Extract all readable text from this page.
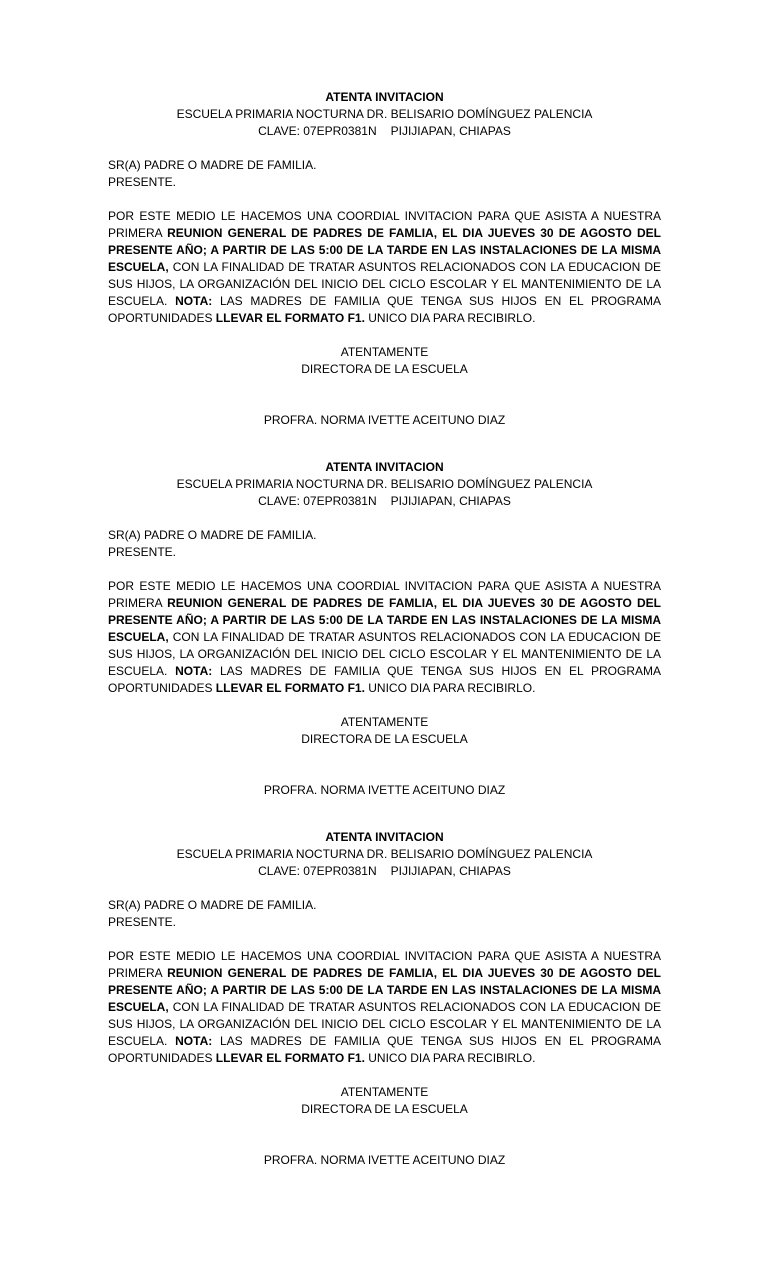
ATENTA INVITACION
ESCUELA PRIMARIA NOCTURNA DR. BELISARIO DOMÍNGUEZ PALENCIA
CLAVE: 07EPR0381N PIJIJIAPAN, CHIAPAS
SR(A) PADRE O MADRE DE FAMILIA.
PRESENTE.
POR ESTE MEDIO LE HACEMOS UNA COORDIAL INVITACION PARA QUE ASISTA A NUESTRA PRIMERA REUNION GENERAL DE PADRES DE FAMLIA, EL DIA JUEVES 30 DE AGOSTO DEL PRESENTE AÑO; A PARTIR DE LAS 5:00 DE LA TARDE EN LAS INSTALACIONES DE LA MISMA ESCUELA, CON LA FINALIDAD DE TRATAR ASUNTOS RELACIONADOS CON LA EDUCACION DE SUS HIJOS, LA ORGANIZACIÓN DEL INICIO DEL CICLO ESCOLAR Y EL MANTENIMIENTO DE LA ESCUELA. NOTA: LAS MADRES DE FAMILIA QUE TENGA SUS HIJOS EN EL PROGRAMA OPORTUNIDADES LLEVAR EL FORMATO F1. UNICO DIA PARA RECIBIRLO.
ATENTAMENTE
DIRECTORA DE LA ESCUELA
PROFRA. NORMA IVETTE ACEITUNO DIAZ
ATENTA INVITACION
ESCUELA PRIMARIA NOCTURNA DR. BELISARIO DOMÍNGUEZ PALENCIA
CLAVE: 07EPR0381N PIJIJIAPAN, CHIAPAS
SR(A) PADRE O MADRE DE FAMILIA.
PRESENTE.
POR ESTE MEDIO LE HACEMOS UNA COORDIAL INVITACION PARA QUE ASISTA A NUESTRA PRIMERA REUNION GENERAL DE PADRES DE FAMLIA, EL DIA JUEVES 30 DE AGOSTO DEL PRESENTE AÑO; A PARTIR DE LAS 5:00 DE LA TARDE EN LAS INSTALACIONES DE LA MISMA ESCUELA, CON LA FINALIDAD DE TRATAR ASUNTOS RELACIONADOS CON LA EDUCACION DE SUS HIJOS, LA ORGANIZACIÓN DEL INICIO DEL CICLO ESCOLAR Y EL MANTENIMIENTO DE LA ESCUELA. NOTA: LAS MADRES DE FAMILIA QUE TENGA SUS HIJOS EN EL PROGRAMA OPORTUNIDADES LLEVAR EL FORMATO F1. UNICO DIA PARA RECIBIRLO.
ATENTAMENTE
DIRECTORA DE LA ESCUELA
PROFRA. NORMA IVETTE ACEITUNO DIAZ
ATENTA INVITACION
ESCUELA PRIMARIA NOCTURNA DR. BELISARIO DOMÍNGUEZ PALENCIA
CLAVE: 07EPR0381N PIJIJIAPAN, CHIAPAS
SR(A) PADRE O MADRE DE FAMILIA.
PRESENTE.
POR ESTE MEDIO LE HACEMOS UNA COORDIAL INVITACION PARA QUE ASISTA A NUESTRA PRIMERA REUNION GENERAL DE PADRES DE FAMLIA, EL DIA JUEVES 30 DE AGOSTO DEL PRESENTE AÑO; A PARTIR DE LAS 5:00 DE LA TARDE EN LAS INSTALACIONES DE LA MISMA ESCUELA, CON LA FINALIDAD DE TRATAR ASUNTOS RELACIONADOS CON LA EDUCACION DE SUS HIJOS, LA ORGANIZACIÓN DEL INICIO DEL CICLO ESCOLAR Y EL MANTENIMIENTO DE LA ESCUELA. NOTA: LAS MADRES DE FAMILIA QUE TENGA SUS HIJOS EN EL PROGRAMA OPORTUNIDADES LLEVAR EL FORMATO F1. UNICO DIA PARA RECIBIRLO.
ATENTAMENTE
DIRECTORA DE LA ESCUELA
PROFRA. NORMA IVETTE ACEITUNO DIAZ
